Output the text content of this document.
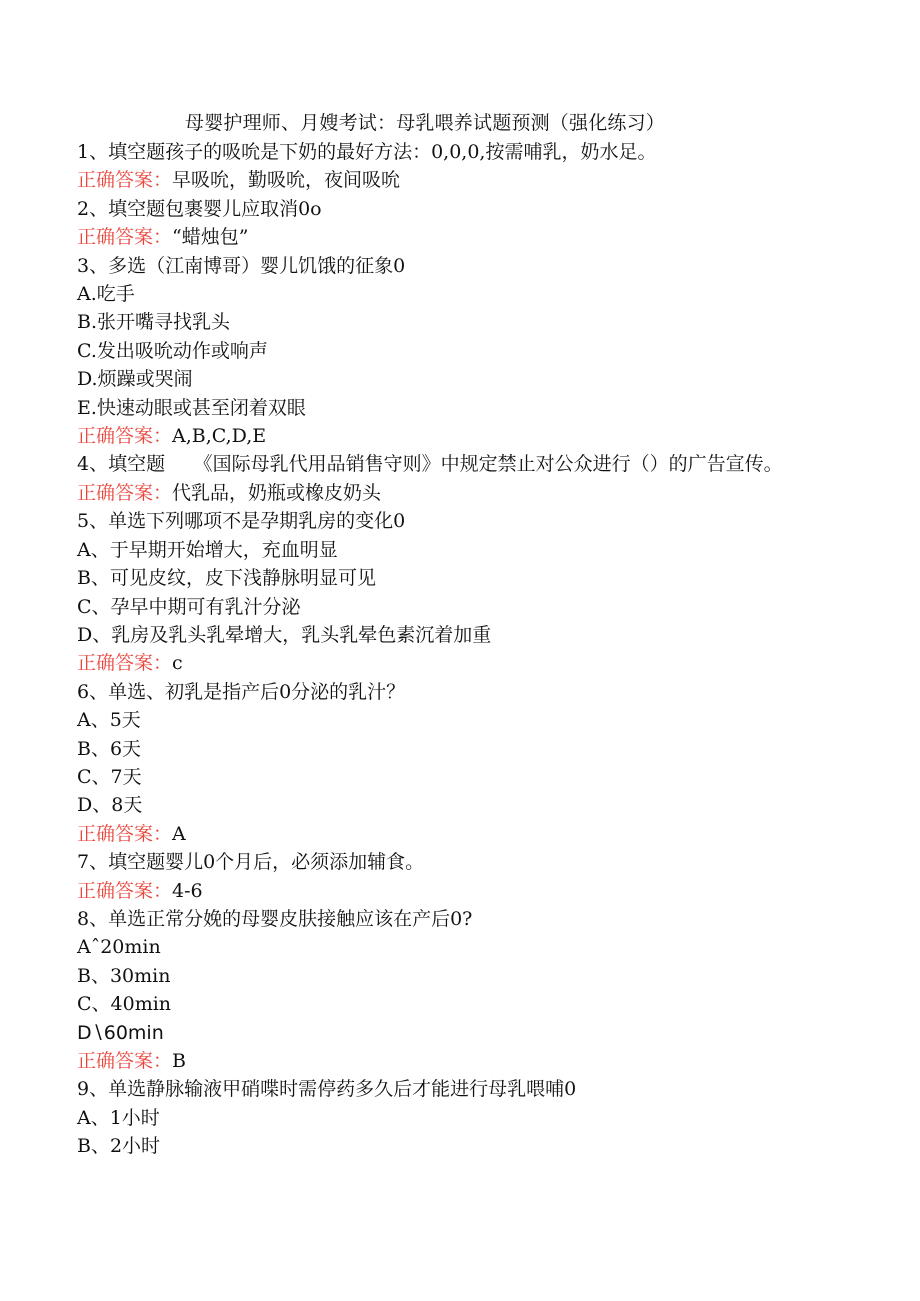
母婴护理师、月嫂考试：母乳喂养试题预测（强化练习）
1、填空题孩子的吸吮是下奶的最好方法：0,0,0,按需哺乳，奶水足。
正确答案：早吸吮，勤吸吮，夜间吸吮
2、填空题包裹婴儿应取消0o
正确答案：“蜡烛包”
3、多选（江南博哥）婴儿饥饿的征象0
A.吃手
B.张开嘴寻找乳头
C.发出吸吮动作或响声
D.烦躁或哭闹
E.快速动眼或甚至闭着双眼
正确答案：A,B,C,D,E
4、填空题　　《国际母乳代用品销售守则》中规定禁止对公众进行（）的广告宣传。
正确答案：代乳品，奶瓶或橡皮奶头
5、单选下列哪项不是孕期乳房的变化0
A、于早期开始增大，充血明显
B、可见皮纹，皮下浅静脉明显可见
C、孕早中期可有乳汁分泌
D、乳房及乳头乳晕增大，乳头乳晕色素沉着加重
正确答案：c
6、单选、初乳是指产后0分泌的乳汁？
A、5天
B、6天
C、7天
D、8天
正确答案：A
7、填空题婴儿0个月后，必须添加辅食。
正确答案：4-6
8、单选正常分娩的母婴皮肤接触应该在产后0?
Aˆ20min
B、30min
C、40min
D∖60min
正确答案：B
9、单选静脉输液甲硝喋时需停药多久后才能进行母乳喂哺0
A、1小时
B、2小时
